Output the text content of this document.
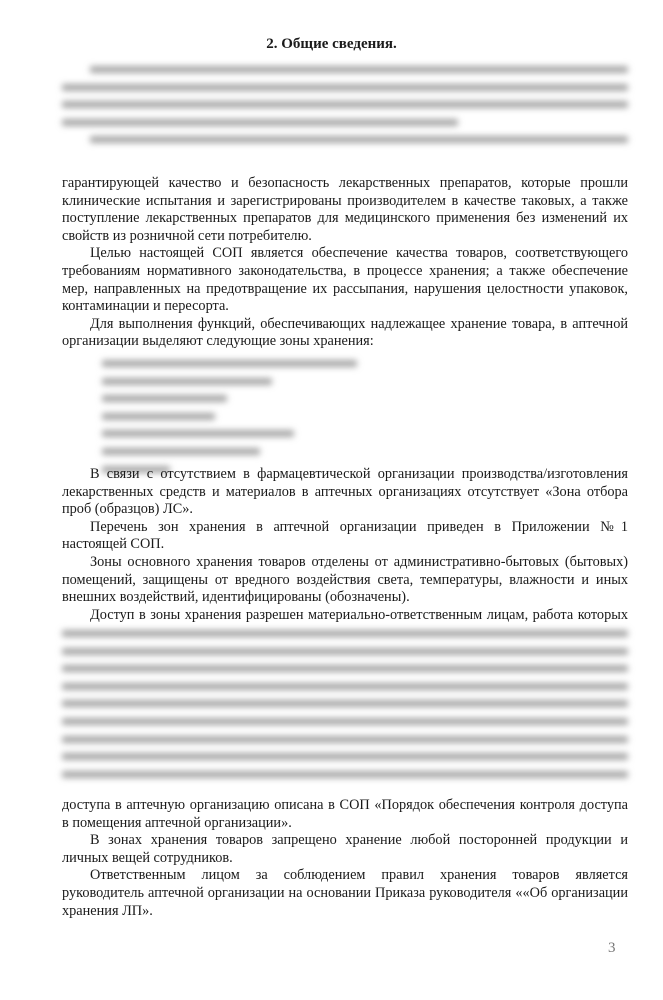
2. Общие сведения.
гарантирующей качество и безопасность лекарственных препаратов, которые прошли
клинические испытания и зарегистрированы производителем в качестве таковых, а также
поступление лекарственных препаратов для медицинского применения без изменений их
свойств из розничной сети потребителю.
Целью настоящей СОП является обеспечение качества товаров, соответствующего
требованиям нормативного законодательства, в процессе хранения; а также обеспечение
мер, направленных на предотвращение их рассыпания, нарушения целостности упаковок,
контаминации и пересорта.
Для выполнения функций, обеспечивающих надлежащее хранение товара, в аптечной
организации выделяют следующие зоны хранения:
В связи с отсутствием в фармацевтической организации производства/изготовления
лекарственных средств и материалов в аптечных организациях отсутствует «Зона отбора
проб (образцов) ЛС».
Перечень зон хранения в аптечной организации приведен в Приложении №1
настоящей СОП.
Зоны основного хранения товаров отделены от административно-бытовых (бытовых)
помещений, защищены от вредного воздействия света, температуры, влажности и иных
внешних воздействий, идентифицированы (обозначены).
Доступ в зоны хранения разрешен материально-ответственным лицам, работа которых
доступа в аптечную организацию описана в СОП «Порядок обеспечения контроля доступа
в помещения аптечной организации».
В зонах хранения товаров запрещено хранение любой посторонней продукции и
личных вещей сотрудников.
Ответственным лицом за соблюдением правил хранения товаров является
руководитель аптечной организации на основании Приказа руководителя ««Об организации
хранения ЛП».
3
